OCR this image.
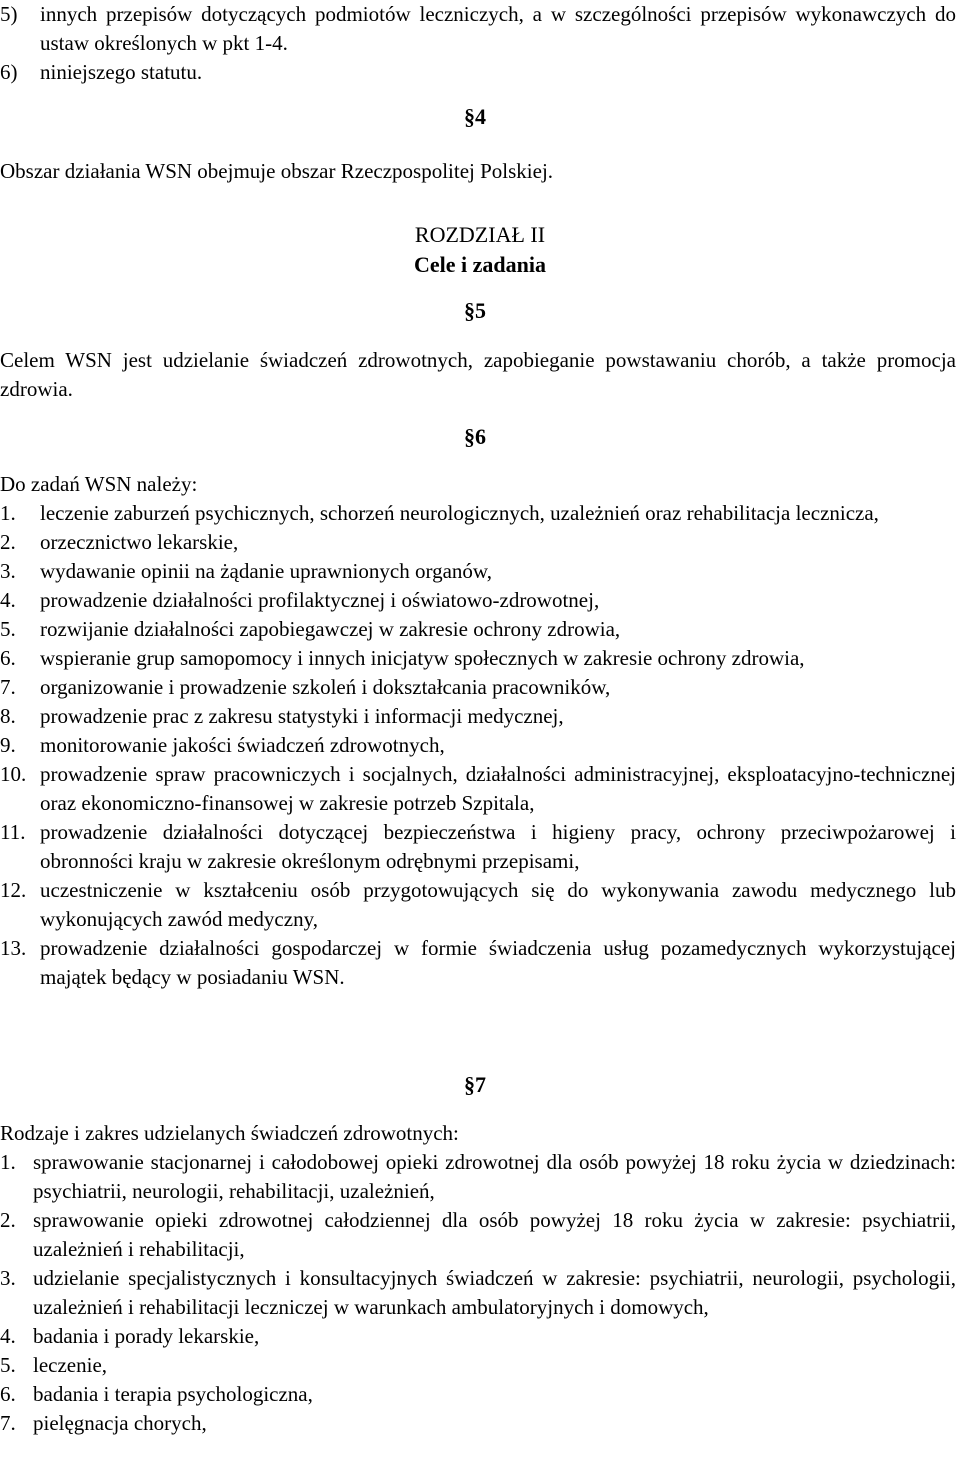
5) innych przepisów dotyczących podmiotów leczniczych, a w szczególności przepisów wykonawczych do ustaw określonych w pkt 1-4.
6) niniejszego statutu.
§4

Obszar działania WSN obejmuje obszar Rzeczpospolitej Polskiej.

ROZDZIAŁ II
Cele i zadania
§5

Celem WSN jest udzielanie świadczeń zdrowotnych, zapobieganie powstawaniu chorób, a także promocja zdrowia.

§6

Do zadań WSN należy:

1. leczenie zaburzeń psychicznych, schorzeń neurologicznych, uzależnień oraz rehabilitacja lecznicza,
2. orzecznictwo lekarskie,
3. wydawanie opinii na żądanie uprawnionych organów,
4. prowadzenie działalności profilaktycznej i oświatowo-zdrowotnej,
5. rozwijanie działalności zapobiegawczej w zakresie ochrony zdrowia,
6. wspieranie grup samopomocy i innych inicjatyw społecznych w zakresie ochrony zdrowia,
7. organizowanie i prowadzenie szkoleń i dokształcania pracowników,
8. prowadzenie prac z zakresu statystyki i informacji medycznej,
9. monitorowanie jakości świadczeń zdrowotnych,
10. prowadzenie spraw pracowniczych i socjalnych, działalności administracyjnej, eksploatacyjno-technicznej oraz ekonomiczno-finansowej w zakresie potrzeb Szpitala,
11. prowadzenie działalności dotyczącej bezpieczeństwa i higieny pracy, ochrony przeciwpożarowej i obronności kraju w zakresie określonym odrębnymi przepisami,
12. uczestniczenie w kształceniu osób przygotowujących się do wykonywania zawodu medycznego lub wykonujących zawód medyczny,
13. prowadzenie działalności gospodarczej w formie świadczenia usług pozamedycznych wykorzystującej majątek będący w posiadaniu WSN.
§7

Rodzaje i zakres udzielanych świadczeń zdrowotnych:

1. sprawowanie stacjonarnej i całodobowej opieki zdrowotnej dla osób powyżej 18 roku życia w dziedzinach: psychiatrii, neurologii, rehabilitacji, uzależnień,
2. sprawowanie opieki zdrowotnej całodziennej dla osób powyżej 18 roku życia w zakresie: psychiatrii, uzależnień i rehabilitacji,
3. udzielanie specjalistycznych i konsultacyjnych świadczeń w zakresie: psychiatrii, neurologii, psychologii, uzależnień i rehabilitacji leczniczej w warunkach ambulatoryjnych i domowych,
4. badania i porady lekarskie,
5. leczenie,
6. badania i terapia psychologiczna,
7. pielęgnacja chorych,
